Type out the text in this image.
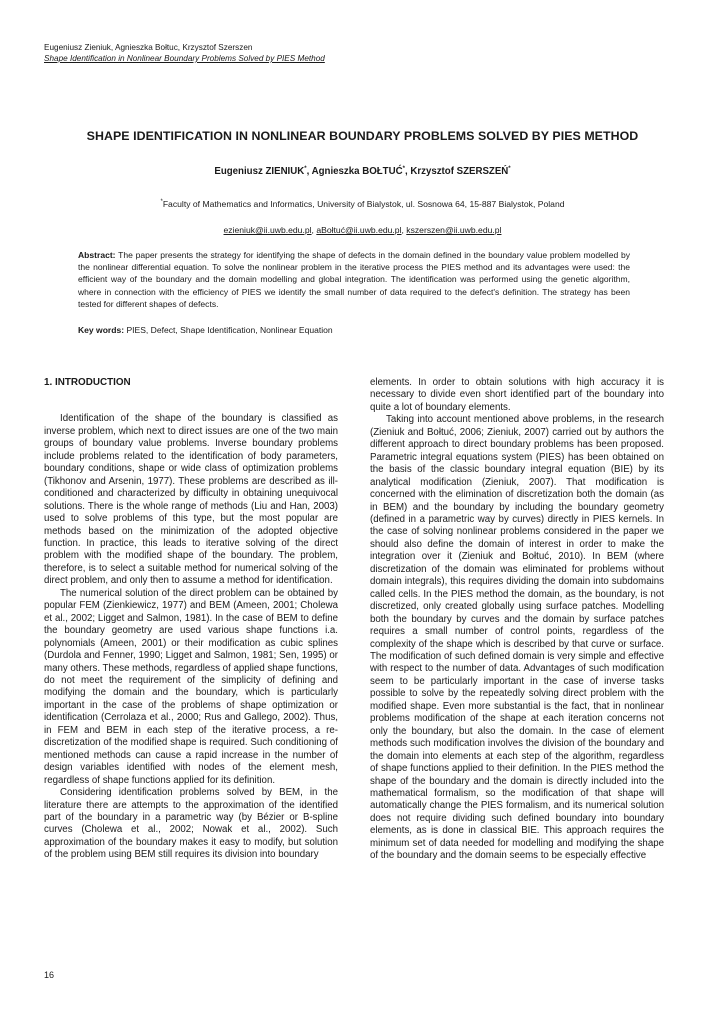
Eugeniusz Zieniuk, Agnieszka Bołtuc, Krzysztof Szerszen
Shape Identification in Nonlinear Boundary Problems Solved by PIES Method
SHAPE IDENTIFICATION IN NONLINEAR BOUNDARY PROBLEMS SOLVED BY PIES METHOD
Eugeniusz ZIENIUK*, Agnieszka BOŁTUĆ*, Krzysztof SZERSZEŃ*
*Faculty of Mathematics and Informatics, University of Bialystok, ul. Sosnowa 64, 15-887 Bialystok, Poland
ezieniuk@ii.uwb.edu.pl, aBołtuć@ii.uwb.edu.pl, kszerszen@ii.uwb.edu.pl
Abstract: The paper presents the strategy for identifying the shape of defects in the domain defined in the boundary value problem modelled by the nonlinear differential equation. To solve the nonlinear problem in the iterative process the PIES method and its advantages were used: the efficient way of the boundary and the domain modelling and global integration. The identification was performed using the genetic algorithm, where in connection with the efficiency of PIES we identify the small number of data required to the defect's definition. The strategy has been tested for different shapes of defects.
Key words: PIES, Defect, Shape Identification, Nonlinear Equation
1. INTRODUCTION

Identification of the shape of the boundary is classified as inverse problem, which next to direct issues are one of the two main groups of boundary value problems. Inverse boundary problems include problems related to the identification of body parameters, boundary conditions, shape or wide class of optimization problems (Tikhonov and Arsenin, 1977). These problems are described as ill-conditioned and characterized by difficulty in obtaining unequivocal solutions. There is the whole range of methods (Liu and Han, 2003) used to solve problems of this type, but the most popular are methods based on the minimization of the adopted objective function. In practice, this leads to iterative solving of the direct problem with the modified shape of the boundary. The problem, therefore, is to select a suitable method for numerical solving of the direct problem, and only then to assume a method for identification.

The numerical solution of the direct problem can be obtained by popular FEM (Zienkiewicz, 1977) and BEM (Ameen, 2001; Cholewa et al., 2002; Ligget and Salmon, 1981). In the case of BEM to define the boundary geometry are used various shape functions i.a. polynomials (Ameen, 2001) or their modification as cubic splines (Durdola and Fenner, 1990; Ligget and Salmon, 1981; Sen, 1995) or many others. These methods, regardless of applied shape functions, do not meet the requirement of the simplicity of defining and modifying the domain and the boundary, which is particularly important in the case of the problems of shape optimization or identification (Cerrolaza et al., 2000; Rus and Gallego, 2002). Thus, in FEM and BEM in each step of the iterative process, a re-discretization of the modified shape is required. Such conditioning of mentioned methods can cause a rapid increase in the number of design variables identified with nodes of the element mesh, regardless of shape functions applied for its definition.

Considering identification problems solved by BEM, in the literature there are attempts to the approximation of the identified part of the boundary in a parametric way (by Bézier or B-spline curves (Cholewa et al., 2002; Nowak et al., 2002). Such approximation of the boundary makes it easy to modify, but solution of the problem using BEM still requires its division into boundary

elements. In order to obtain solutions with high accuracy it is necessary to divide even short identified part of the boundary into quite a lot of boundary elements.

Taking into account mentioned above problems, in the research (Zieniuk and Bołtuć, 2006; Zieniuk, 2007) carried out by authors the different approach to direct boundary problems has been proposed. Parametric integral equations system (PIES) has been obtained on the basis of the classic boundary integral equation (BIE) by its analytical modification (Zieniuk, 2007). That modification is concerned with the elimination of discretization both the domain (as in BEM) and the boundary by including the boundary geometry (defined in a parametric way by curves) directly in PIES kernels. In the case of solving nonlinear problems considered in the paper we should also define the domain of interest in order to make the integration over it (Zieniuk and Bołtuć, 2010). In BEM (where discretization of the domain was eliminated for problems without domain integrals), this requires dividing the domain into subdomains called cells. In the PIES method the domain, as the boundary, is not discretized, only created globally using surface patches. Modelling both the boundary by curves and the domain by surface patches requires a small number of control points, regardless of the complexity of the shape which is described by that curve or surface. The modification of such defined domain is very simple and effective with respect to the number of data. Advantages of such modification seem to be particularly important in the case of inverse tasks possible to solve by the repeatedly solving direct problem with the modified shape. Even more substantial is the fact, that in nonlinear problems modification of the shape at each iteration concerns not only the boundary, but also the domain. In the case of element methods such modification involves the division of the boundary and the domain into elements at each step of the algorithm, regardless of shape functions applied to their definition. In the PIES method the shape of the boundary and the domain is directly included into the mathematical formalism, so the modification of that shape will automatically change the PIES formalism, and its numerical solution does not require dividing such defined boundary into boundary elements, as is done in classical BIE. This approach requires the minimum set of data needed for modelling and modifying the shape of the boundary and the domain seems to be especially effective

16
